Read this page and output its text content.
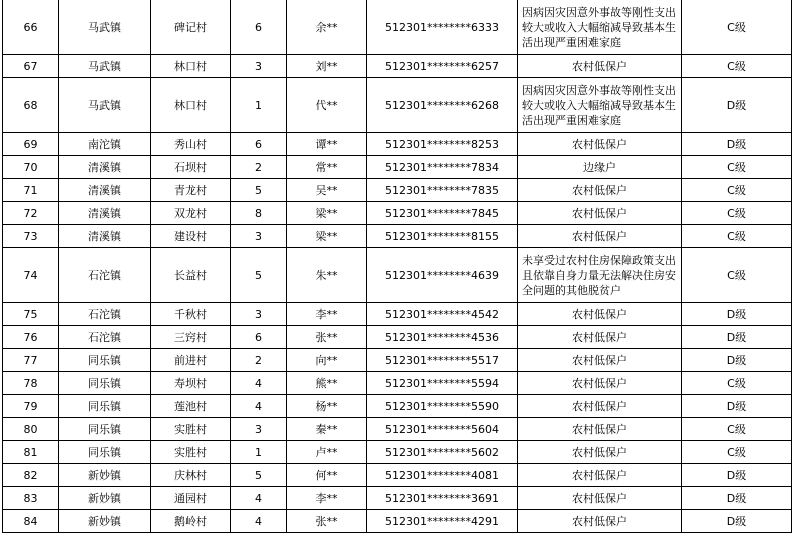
66	马武镇	碑记村	6	余**	512301********6333	因病因灾因意外事故等刚性支出较大或收入大幅缩减导致基本生活出现严重困难家庭	C级
67	马武镇	林口村	3	刘**	512301********6257	农村低保户	C级
68	马武镇	林口村	1	代**	512301********6268	因病因灾因意外事故等刚性支出较大或收入大幅缩减导致基本生活出现严重困难家庭	D级
69	南沱镇	秀山村	6	谭**	512301********8253	农村低保户	D级
70	清溪镇	石坝村	2	常**	512301********7834	边缘户	C级
71	清溪镇	青龙村	5	吴**	512301********7835	农村低保户	C级
72	清溪镇	双龙村	8	梁**	512301********7845	农村低保户	C级
73	清溪镇	建设村	3	梁**	512301********8155	农村低保户	C级
74	石沱镇	长益村	5	朱**	512301********4639	未享受过农村住房保障政策支出且依靠自身力量无法解决住房安全问题的其他脱贫户	C级
75	石沱镇	千秋村	3	李**	512301********4542	农村低保户	D级
76	石沱镇	三窍村	6	张**	512301********4536	农村低保户	D级
77	同乐镇	前进村	2	向**	512301********5517	农村低保户	D级
78	同乐镇	寿坝村	4	熊**	512301********5594	农村低保户	C级
79	同乐镇	莲池村	4	杨**	512301********5590	农村低保户	D级
80	同乐镇	实胜村	3	秦**	512301********5604	农村低保户	C级
81	同乐镇	实胜村	1	卢**	512301********5602	农村低保户	C级
82	新妙镇	庆林村	5	何**	512301********4081	农村低保户	D级
83	新妙镇	通园村	4	李**	512301********3691	农村低保户	D级
84	新妙镇	鹅岭村	4	张**	512301********4291	农村低保户	D级
